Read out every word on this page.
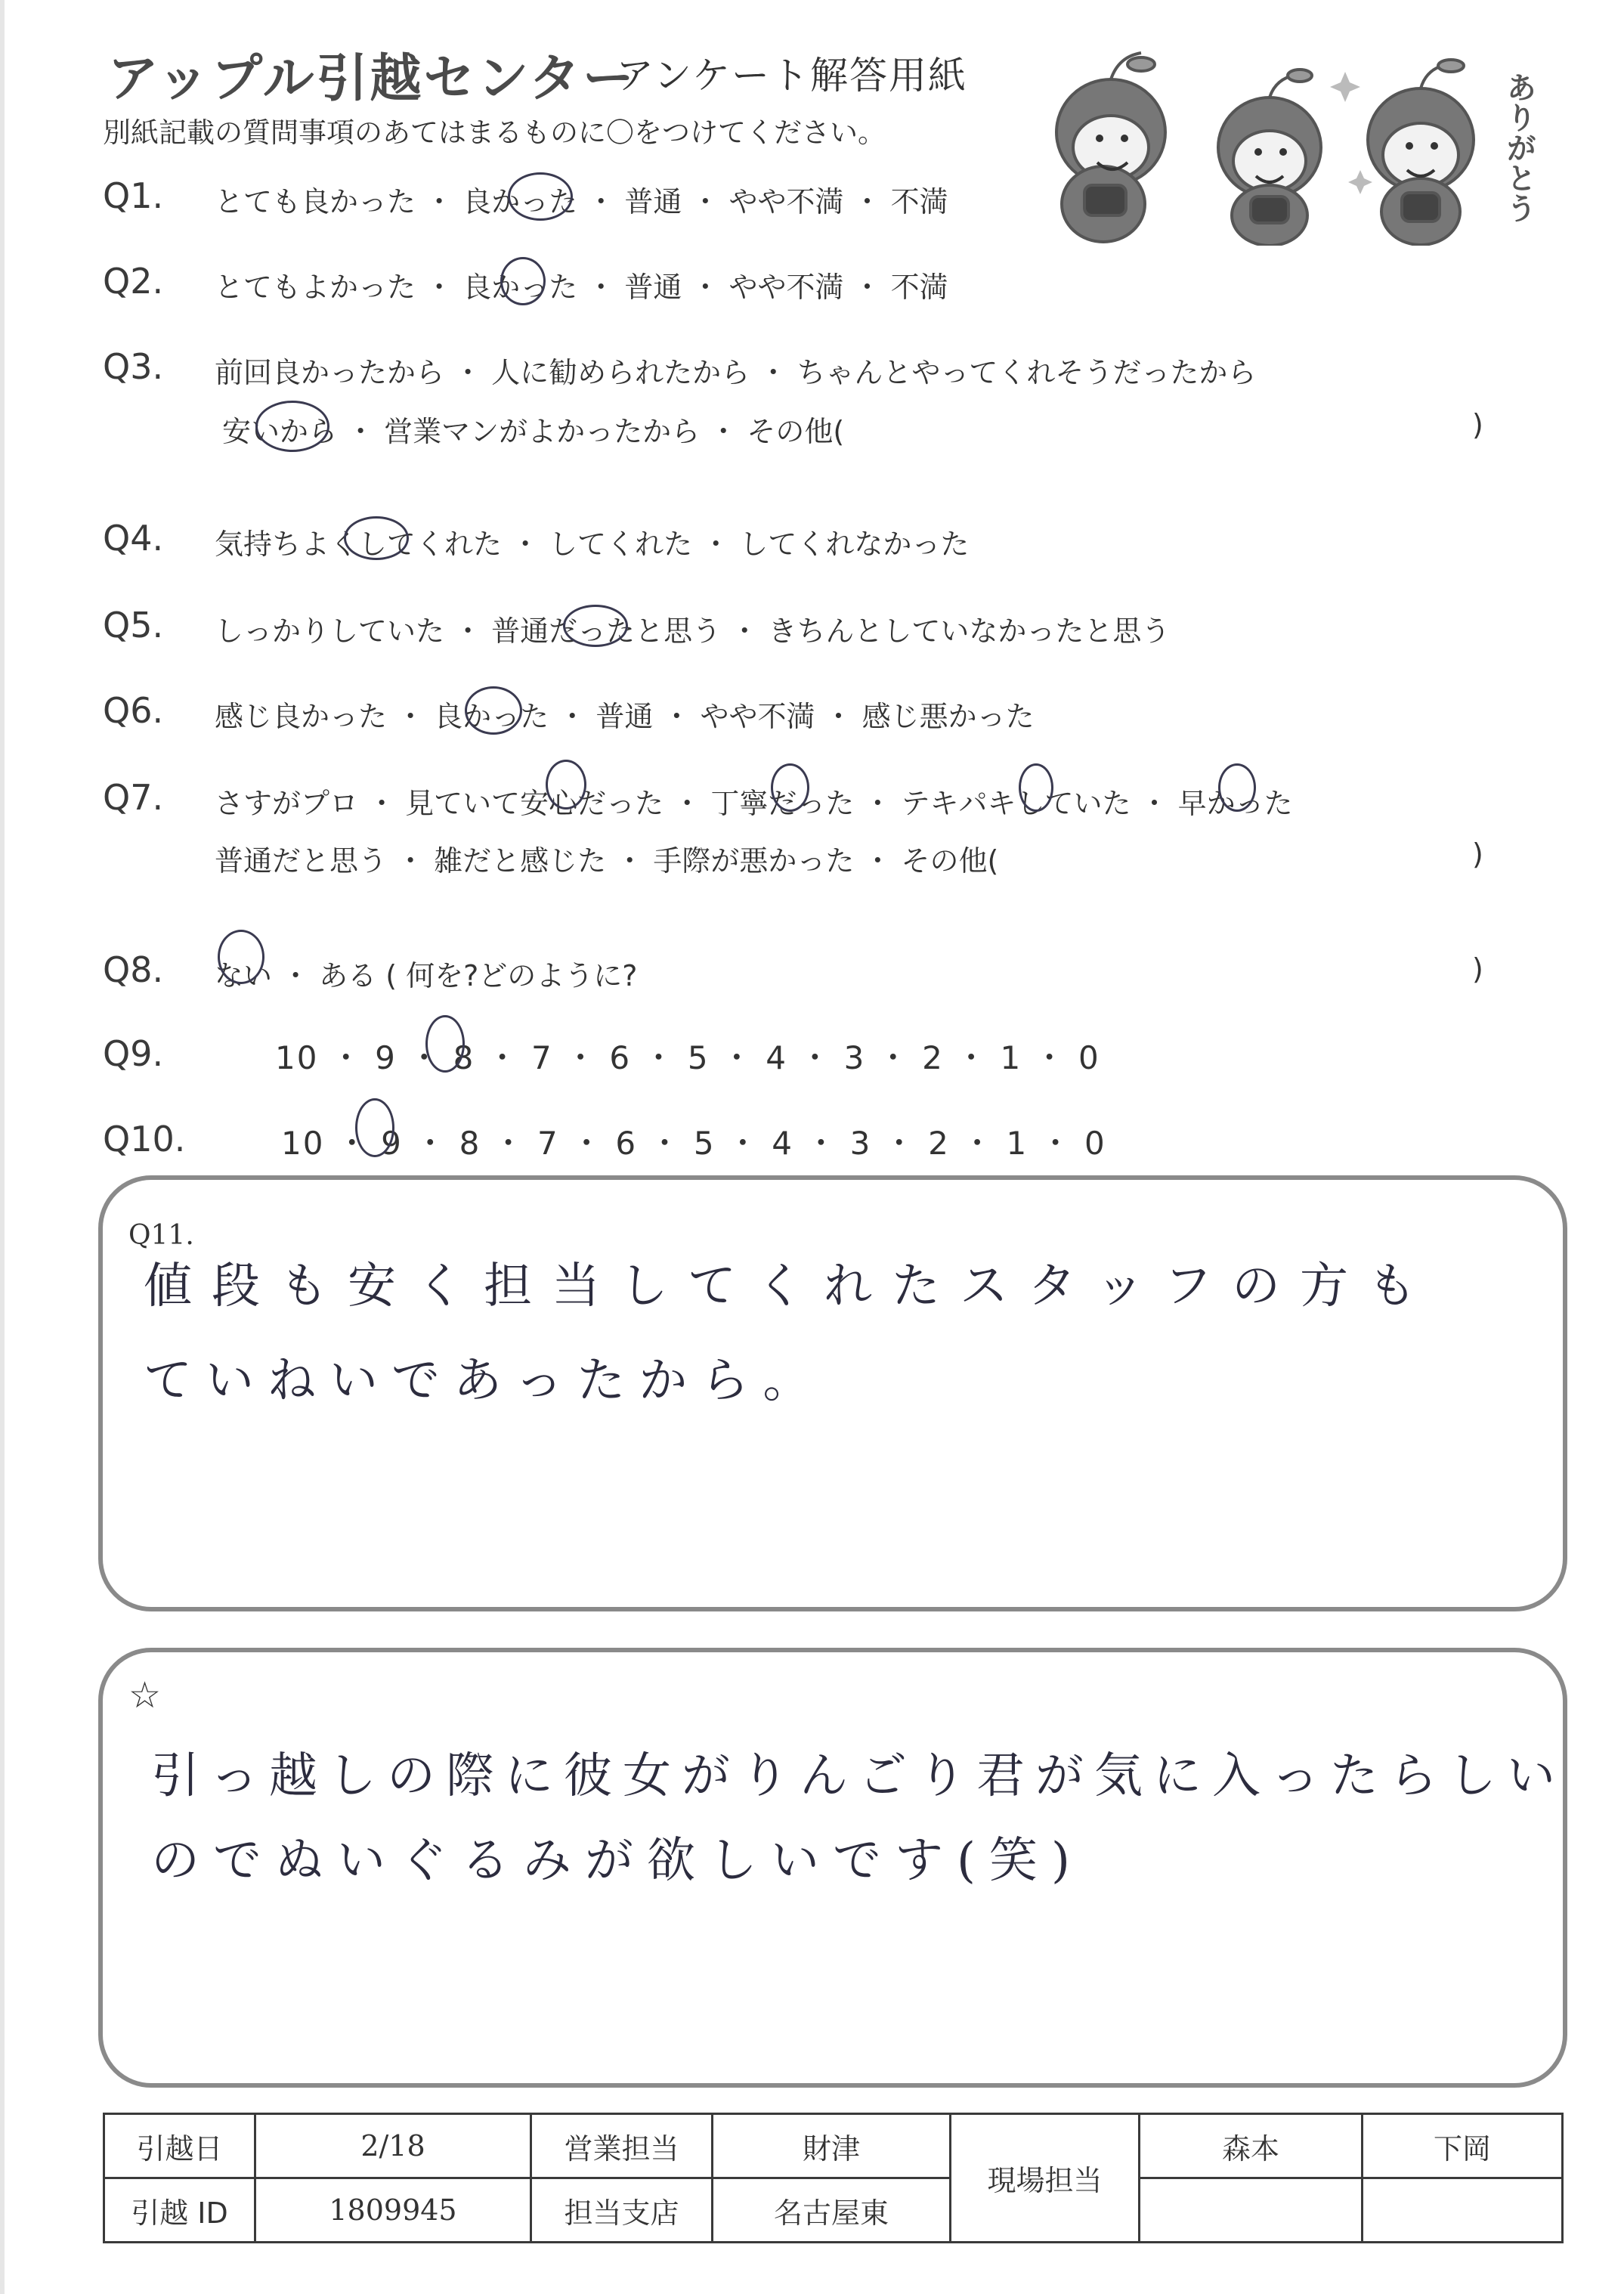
アップル引越センター
アンケート解答用紙
別紙記載の質問事項のあてはまるものに〇をつけてください。	ありがとう
Q1. とても良かった ・ 良かった ・ 普通 ・ やや不満 ・ 不満
Q2. とてもよかった ・ 良かった ・ 普通 ・ やや不満 ・ 不満
Q3. 前回良かったから ・ 人に勧められたから ・ ちゃんとやってくれそうだったから
安いから ・ 営業マンがよかったから ・ その他(	)
Q4. 気持ちよくしてくれた ・ してくれた ・ してくれなかった
Q5. しっかりしていた ・ 普通だったと思う ・ きちんとしていなかったと思う
Q6. 感じ良かった ・ 良かった ・ 普通 ・ やや不満 ・ 感じ悪かった
Q7. さすがプロ ・ 見ていて安心だった ・ 丁寧だった ・ テキパキしていた ・ 早かった
普通だと思う ・ 雑だと感じた ・ 手際が悪かった ・ その他(	)
Q8. ない ・ ある ( 何を?どのように?	)
Q9.	10 ・ 9 ・ 8 ・ 7 ・ 6 ・ 5 ・ 4 ・ 3 ・ 2 ・ 1 ・ 0
Q10.	10 ・ 9 ・ 8 ・ 7 ・ 6 ・ 5 ・ 4 ・ 3 ・ 2 ・ 1 ・ 0
Q11.
値段も安く担当してくれたスタッフの方も
ていねいであったから。
☆
引っ越しの際に彼女がりんごり君が気に入ったらしい
のでぬいぐるみが欲しいです(笑)
引越日	2/18	営業担当	財津	現場担当	森本	下岡
引越 ID	1809945	担当支店	名古屋東			
